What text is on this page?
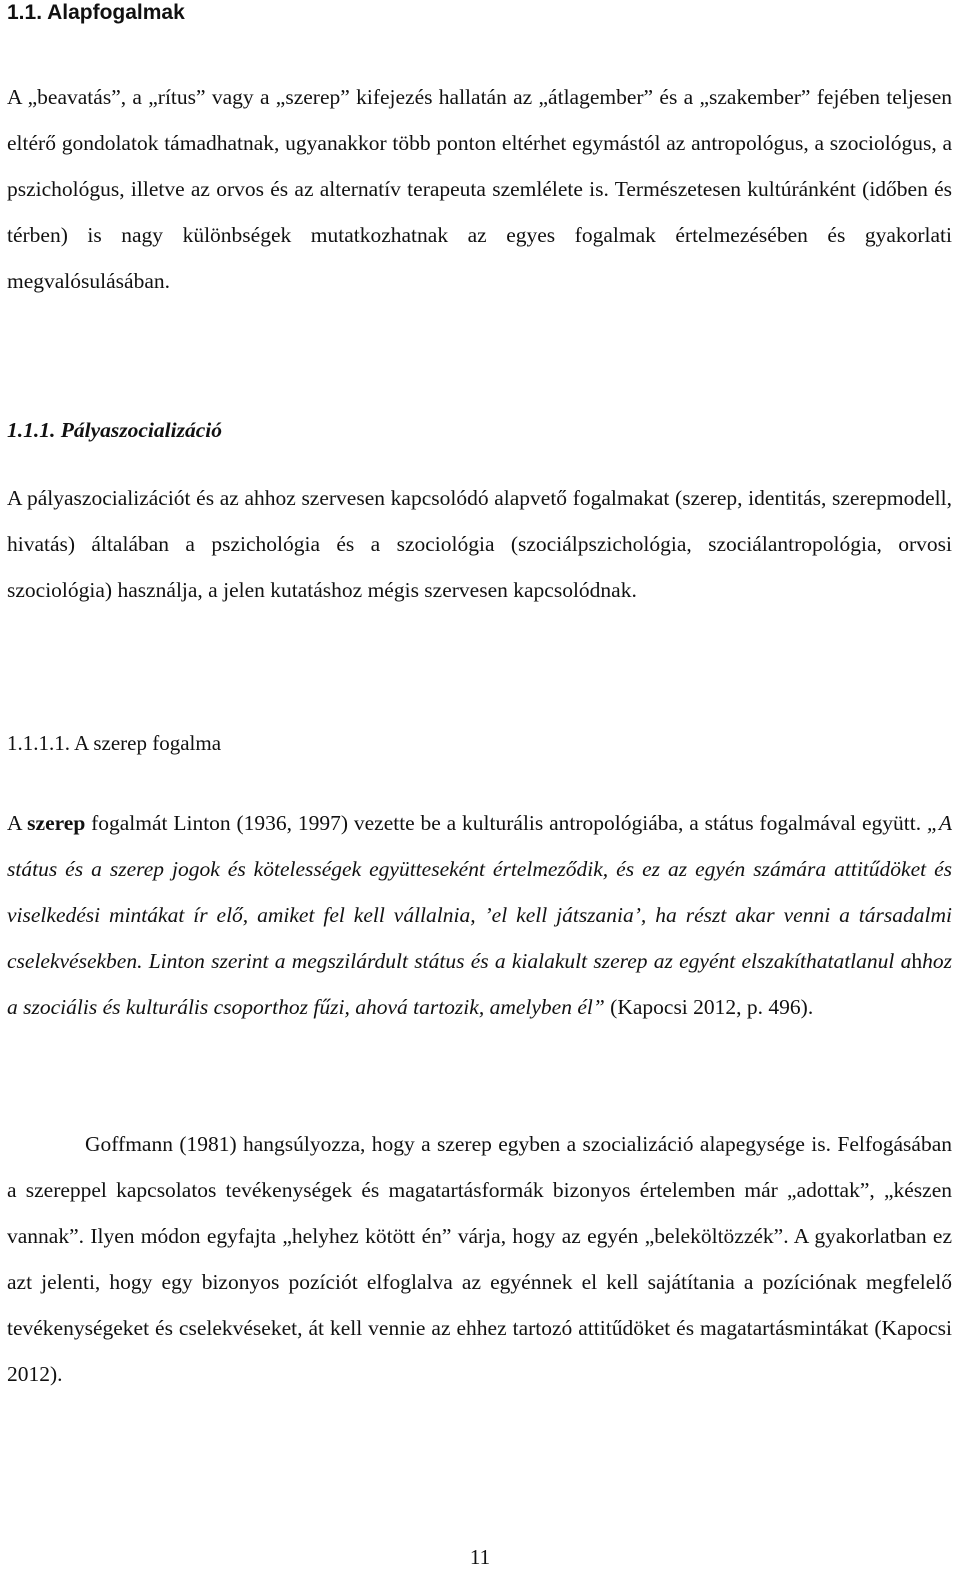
1.1. Alapfogalmak
A „beavatás”, a „rítus” vagy a „szerep” kifejezés hallatán az „átlagember” és a „szakember” fejében teljesen eltérő gondolatok támadhatnak, ugyanakkor több ponton eltérhet egymástól az antropológus, a szociológus, a pszichológus, illetve az orvos és az alternatív terapeuta szemlélete is. Természetesen kultúránként (időben és térben) is nagy különbségek mutatkozhatnak az egyes fogalmak értelmezésében és gyakorlati megvalósulásában.
1.1.1. Pályaszocializáció
A pályaszocializációt és az ahhoz szervesen kapcsolódó alapvető fogalmakat (szerep, identitás, szerepmodell, hivatás) általában a pszichológia és a szociológia (szociálpszichológia, szociálantropológia, orvosi szociológia) használja, a jelen kutatáshoz mégis szervesen kapcsolódnak.
1.1.1.1. A szerep fogalma
A szerep fogalmát Linton (1936, 1997) vezette be a kulturális antropológiába, a státus fogalmával együtt. „A státus és a szerep jogok és kötelességek együtteseként értelmeződik, és ez az egyén számára attitűdöket és viselkedési mintákat ír elő, amiket fel kell vállalnia, ’el kell játszania’, ha részt akar venni a társadalmi cselekvésekben. Linton szerint a megszilárdult státus és a kialakult szerep az egyént elszakíthatatlanul ahhoz a szociális és kulturális csoporthoz fűzi, ahová tartozik, amelyben él” (Kapocsi 2012, p. 496).
Goffmann (1981) hangsúlyozza, hogy a szerep egyben a szocializáció alapegysége is. Felfogásában a szereppel kapcsolatos tevékenységek és magatartásformák bizonyos értelemben már „adottak”, „készen vannak”. Ilyen módon egyfajta „helyhez kötött én” várja, hogy az egyén „beleköltözzék”. A gyakorlatban ez azt jelenti, hogy egy bizonyos pozíciót elfoglalva az egyénnek el kell sajátítania a pozíciónak megfelelő tevékenységeket és cselekvéseket, át kell vennie az ehhez tartozó attitűdöket és magatartásmintákat (Kapocsi 2012).
11
